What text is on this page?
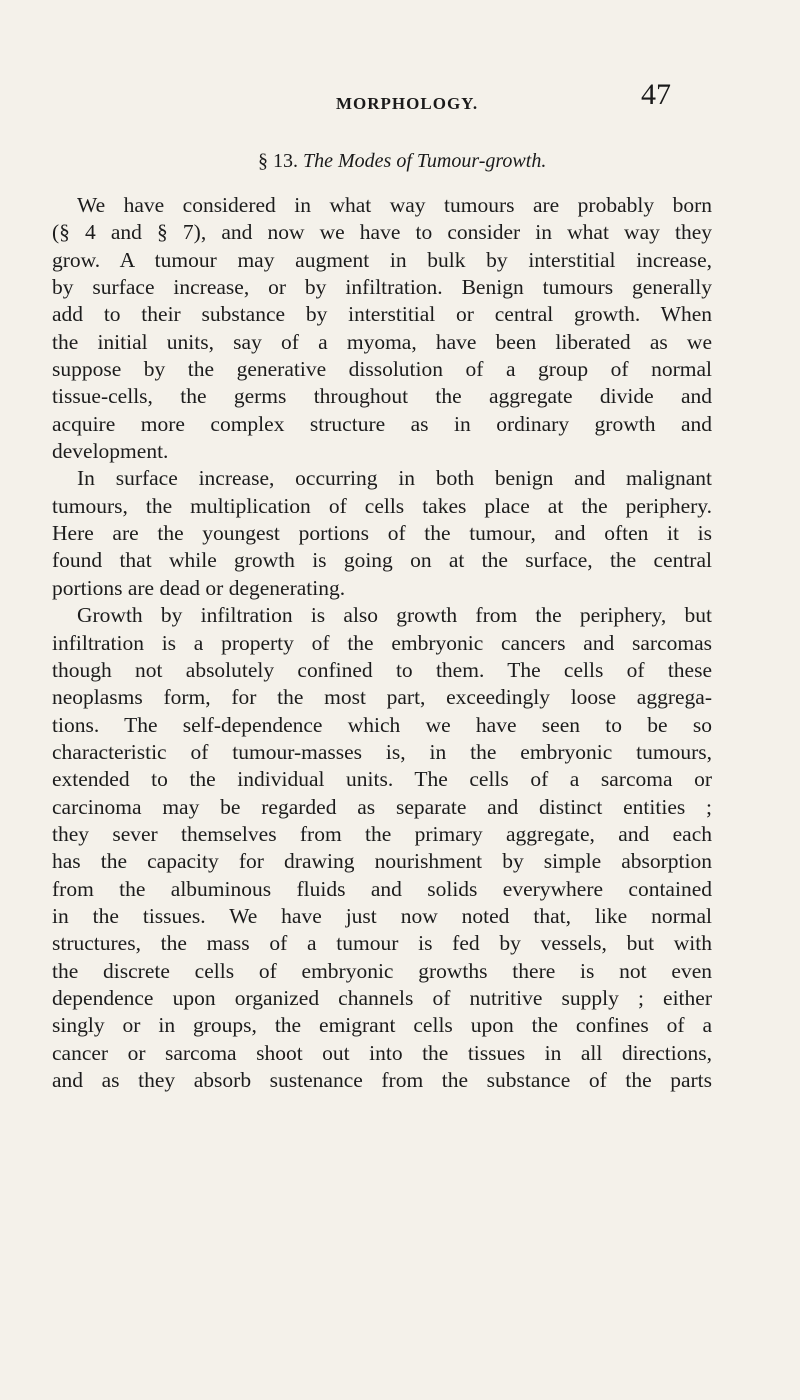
MORPHOLOGY.	47
§ 13. The Modes of Tumour-growth.
We have considered in what way tumours are probably born
(§ 4 and § 7), and now we have to consider in what way they
grow. A tumour may augment in bulk by interstitial increase,
by surface increase, or by infiltration. Benign tumours generally
add to their substance by interstitial or central growth. When
the initial units, say of a myoma, have been liberated as we
suppose by the generative dissolution of a group of normal
tissue-cells, the germs throughout the aggregate divide and
acquire more complex structure as in ordinary growth and
development.
In surface increase, occurring in both benign and malignant
tumours, the multiplication of cells takes place at the periphery.
Here are the youngest portions of the tumour, and often it is
found that while growth is going on at the surface, the central
portions are dead or degenerating.
Growth by infiltration is also growth from the periphery, but
infiltration is a property of the embryonic cancers and sarcomas
though not absolutely confined to them. The cells of these
neoplasms form, for the most part, exceedingly loose aggrega-
tions. The self-dependence which we have seen to be so
characteristic of tumour-masses is, in the embryonic tumours,
extended to the individual units. The cells of a sarcoma or
carcinoma may be regarded as separate and distinct entities ;
they sever themselves from the primary aggregate, and each
has the capacity for drawing nourishment by simple absorption
from the albuminous fluids and solids everywhere contained
in the tissues. We have just now noted that, like normal
structures, the mass of a tumour is fed by vessels, but with
the discrete cells of embryonic growths there is not even
dependence upon organized channels of nutritive supply ; either
singly or in groups, the emigrant cells upon the confines of a
cancer or sarcoma shoot out into the tissues in all directions,
and as they absorb sustenance from the substance of the parts
